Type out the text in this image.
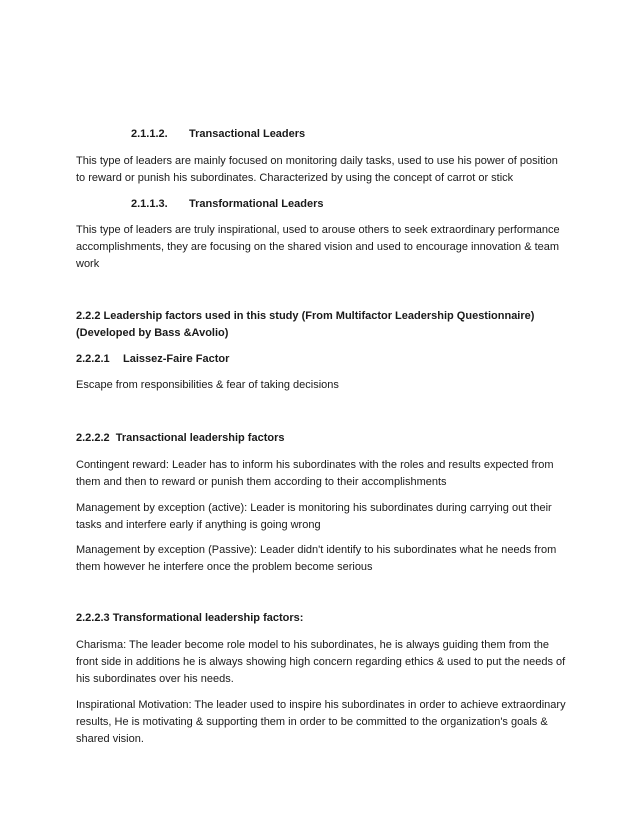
2.1.1.2. Transactional Leaders

This type of leaders are mainly focused on monitoring daily tasks, used to use his power of position to reward or punish his subordinates. Characterized by using the concept of carrot or stick

2.1.1.3. Transformational Leaders

This type of leaders are truly inspirational, used to arouse others to seek extraordinary performance accomplishments, they are focusing on the shared vision and used to encourage innovation & team work

2.2.2 Leadership factors used in this study (From Multifactor Leadership Questionnaire)(Developed by Bass &Avolio)

2.2.2.1 Laissez-Faire Factor

Escape from responsibilities & fear of taking decisions

2.2.2.2  Transactional leadership factors

Contingent reward: Leader has to inform his subordinates with the roles and results expected from them and then to reward or punish them according to their accomplishments

Management by exception (active): Leader is monitoring his subordinates during carrying out their tasks and interfere early if anything is going wrong

Management by exception (Passive): Leader didn't identify to his subordinates what he needs from them however he interfere once the problem become serious

2.2.2.3 Transformational leadership factors:

Charisma: The leader become role model to his subordinates, he is always guiding them from the front side in additions he is always showing high concern regarding ethics & used to put the needs of his subordinates over his needs.

Inspirational Motivation: The leader used to inspire his subordinates in order to achieve extraordinary results, He is motivating & supporting them in order to be committed to the organization's goals & shared vision.
